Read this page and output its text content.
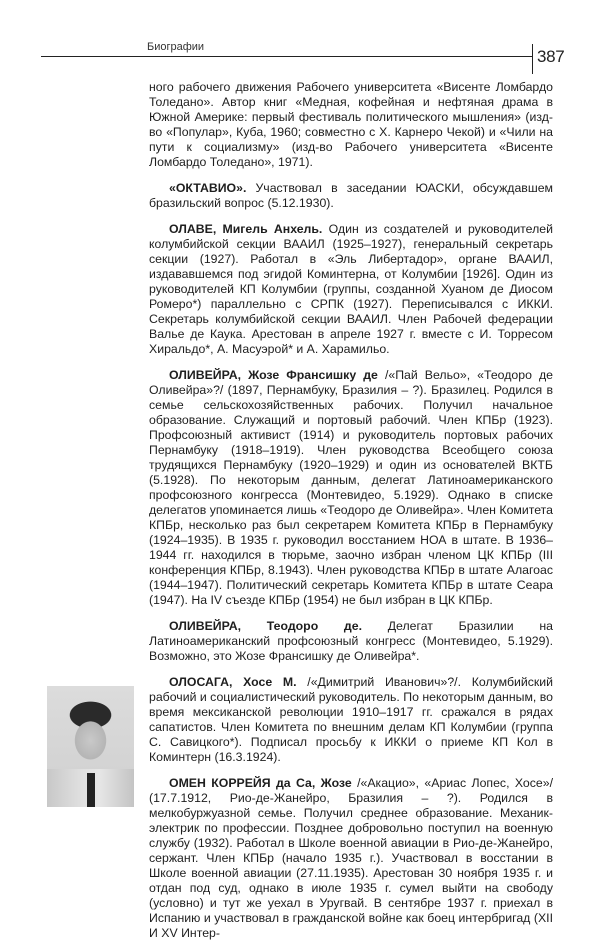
Биографии	387

ного рабочего движения Рабочего университета «Висенте Ломбардо Толедано». Автор книг «Медная, кофейная и нефтяная драма в Южной Америке: первый фестиваль политического мышления» (изд-во «Популар», Куба, 1960; совместно с Х. Карнеро Чекой) и «Чили на пути к социализму» (изд-во Рабочего университета «Висенте Ломбардо Толедано», 1971).

«ОКТАВИО». Участвовал в заседании ЮАСКИ, обсуждавшем бразильский вопрос (5.12.1930).

ОЛАВЕ, Мигель Анхель. Один из создателей и руководителей колумбийской секции ВААИЛ (1925–1927), генеральный секретарь секции (1927). Работал в «Эль Либертадор», органе ВААИЛ, издававшемся под эгидой Коминтерна, от Колумбии [1926]. Один из руководителей КП Колумбии (группы, созданной Хуаном де Диосом Ромеро*) параллельно с СРПК (1927). Переписывался с ИККИ. Секретарь колумбийской секции ВААИЛ. Член Рабочей федерации Валье де Каука. Арестован в апреле 1927 г. вместе с И. Торресом Хиральдо*, А. Масуэрой* и А. Харамильо.

ОЛИВЕЙРА, Жозе Франсишку де /«Пай Вельо», «Теодоро де Оливейра»?/ (1897, Пернамбуку, Бразилия – ?). Бразилец. Родился в семье сельскохозяйственных рабочих. Получил начальное образование. Служащий и портовый рабочий. Член КПБр (1923). Профсоюзный активист (1914) и руководитель портовых рабочих Пернамбуку (1918–1919). Член руководства Всеобщего союза трудящихся Пернамбуку (1920–1929) и один из основателей ВКТБ (5.1928). По некоторым данным, делегат Латиноамериканского профсоюзного конгресса (Монтевидео, 5.1929). Однако в списке делегатов упоминается лишь «Теодоро де Оливейра». Член Комитета КПБр, несколько раз был секретарем Комитета КПБр в Пернамбуку (1924–1935). В 1935 г. руководил восстанием НОА в штате. В 1936–1944 гг. находился в тюрьме, заочно избран членом ЦК КПБр (III конференция КПБр, 8.1943). Член руководства КПБр в штате Алагоас (1944–1947). Политический секретарь Комитета КПБр в штате Сеара (1947). На IV съезде КПБр (1954) не был избран в ЦК КПБр.

ОЛИВЕЙРА, Теодоро де. Делегат Бразилии на Латиноамериканский профсоюзный конгресс (Монтевидео, 5.1929). Возможно, это Жозе Франсишку де Оливейра*.

ОЛОСАГА, Хосе М. /«Димитрий Иванович»?/. Колумбийский рабочий и социалистический руководитель. По некоторым данным, во время мексиканской революции 1910–1917 гг. сражался в рядах сапатистов. Член Комитета по внешним делам КП Колумбии (группа С. Савицкого*). Подписал просьбу к ИККИ о приеме КП Кол в Коминтерн (16.3.1924).

ОМЕН КОРРЕЙЯ да Са, Жозе /«Акацио», «Ариас Лопес, Хосе»/ (17.7.1912, Рио-де-Жанейро, Бразилия – ?). Родился в мелкобуржуазной семье. Получил среднее образование. Механик-электрик по профессии. Позднее добровольно поступил на военную службу (1932). Работал в Школе военной авиации в Рио-де-Жанейро, сержант. Член КПБр (начало 1935 г.). Участвовал в восстании в Школе военной авиации (27.11.1935). Арестован 30 ноября 1935 г. и отдан под суд, однако в июле 1935 г. сумел выйти на свободу (условно) и тут же уехал в Уругвай. В сентябре 1937 г. приехал в Испанию и участвовал в гражданской войне как боец интербригад (XII И XV Интер-
